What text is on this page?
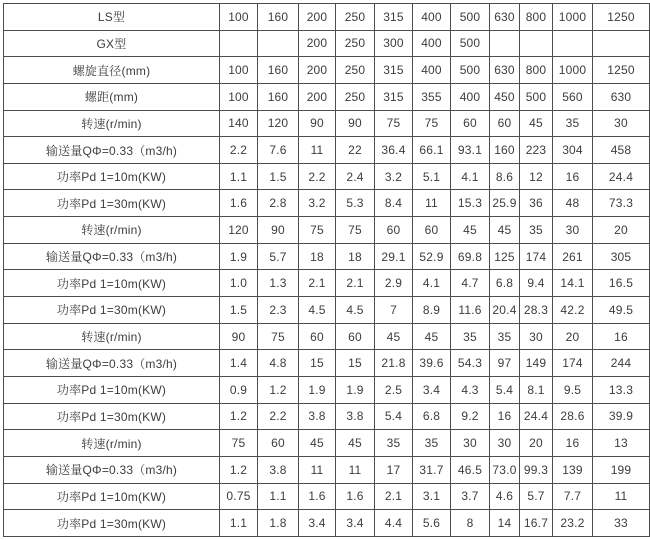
LS型	100	160	200	250	315	400	500	630	800	1000	1250
GX型			200	250	300	400	500				
螺旋直径(mm)	100	160	200	250	315	400	500	630	800	1000	1250
螺距(mm)	100	160	200	250	315	355	400	450	500	560	630
转速(r/min)	140	120	90	90	75	75	60	60	45	35	30
输送量QΦ=0.33（m3/h)	2.2	7.6	11	22	36.4	66.1	93.1	160	223	304	458
功率Pd 1=10m(KW)	1.1	1.5	2.2	2.4	3.2	5.1	4.1	8.6	12	16	24.4
功率Pd 1=30m(KW)	1.6	2.8	3.2	5.3	8.4	11	15.3	25.9	36	48	73.3
转速(r/min)	120	90	75	75	60	60	45	45	35	30	20
输送量QΦ=0.33（m3/h)	1.9	5.7	18	18	29.1	52.9	69.8	125	174	261	305
功率Pd 1=10m(KW)	1.0	1.3	2.1	2.1	2.9	4.1	4.7	6.8	9.4	14.1	16.5
功率Pd 1=30m(KW)	1.5	2.3	4.5	4.5	7	8.9	11.6	20.4	28.3	42.2	49.5
转速(r/min)	90	75	60	60	45	45	35	35	30	20	16
输送量QΦ=0.33（m3/h)	1.4	4.8	15	15	21.8	39.6	54.3	97	149	174	244
功率Pd 1=10m(KW)	0.9	1.2	1.9	1.9	2.5	3.4	4.3	5.4	8.1	9.5	13.3
功率Pd 1=30m(KW)	1.2	2.2	3.8	3.8	5.4	6.8	9.2	16	24.4	28.6	39.9
转速(r/min)	75	60	45	45	35	35	30	30	20	16	13
输送量QΦ=0.33（m3/h)	1.2	3.8	11	11	17	31.7	46.5	73.0	99.3	139	199
功率Pd 1=10m(KW)	0.75	1.1	1.6	1.6	2.1	3.1	3.7	4.6	5.7	7.7	11
功率Pd 1=30m(KW)	1.1	1.8	3.4	3.4	4.4	5.6	8	14	16.7	23.2	33
